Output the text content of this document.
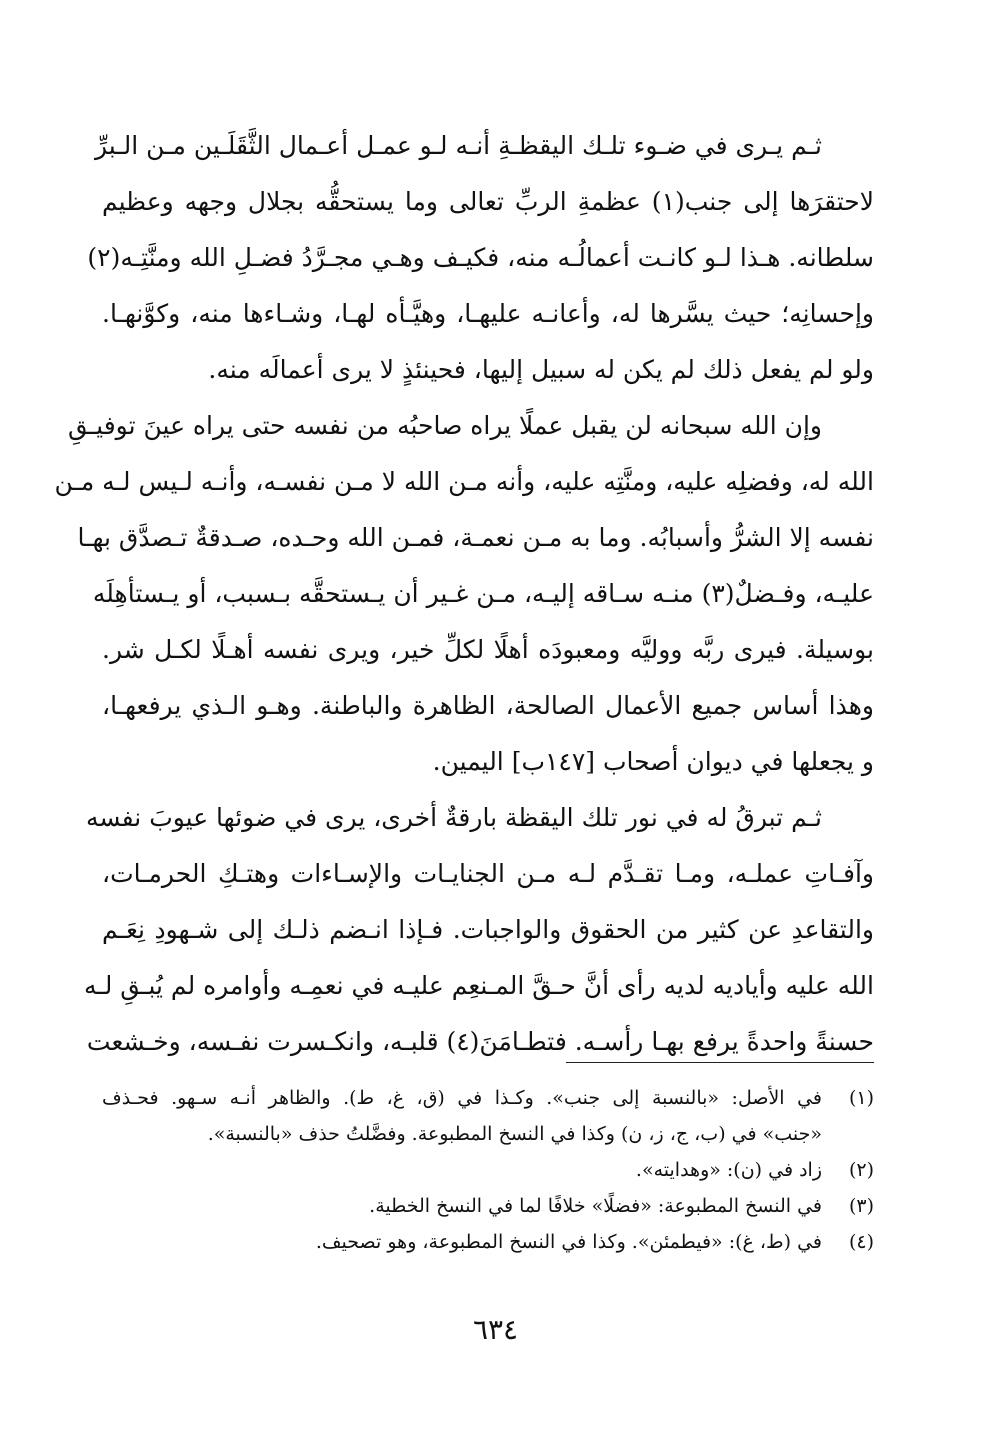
ثـم يـرى في ضـوء تلـك اليقظـةِ أنـه لـو عمـل أعـمال الثَّقَلَـين مـن الـبرِّ
لاحتقرَها إلى جنب(١) عظمةِ الربِّ تعالى وما يستحقُّه بجلال وجهه وعظيم
سلطانه. هـذا لـو كانـت أعمالُـه منه، فكيـف وهـي مجـرَّدُ فضـلِ الله ومنَّتِـه(٢)
وإحسانِه؛ حيث يسَّرها له، وأعانـه عليهـا، وهيَّـأه لهـا، وشـاءها منه، وكوَّنهـا.
ولو لم يفعل ذلك لم يكن له سبيل إليها، فحينئذٍ لا يرى أعمالَه منه.
وإن الله سبحانه لن يقبل عملًا يراه صاحبُه من نفسه حتى يراه عينَ توفيـقِ
الله له، وفضلِه عليه، ومنَّتِه عليه، وأنه مـن الله لا مـن نفسـه، وأنـه لـيس لـه مـن
نفسه إلا الشرُّ وأسبابُه. وما به مـن نعمـة، فمـن الله وحـده، صـدقةٌ تـصدَّق بهـا
عليـه، وفـضلٌ(٣) منـه سـاقه إليـه، مـن غـير أن يـستحقَّه بـسبب، أو يـستأهِلَه
بوسيلة. فيرى ربَّه ووليَّه ومعبودَه أهلًا لكلِّ خير، ويرى نفسه أهـلًا لكـل شر.
وهذا أساس جميع الأعمال الصالحة، الظاهرة والباطنة. وهـو الـذي يرفعهـا،
و يجعلها في ديوان أصحاب [١٤٧ب] اليمين.
ثـم تبرقُ له في نور تلك اليقظة بارقةٌ أخرى، يرى في ضوئها عيوبَ نفسه
وآفـاتِ عملـه، ومـا تقـدَّم لـه مـن الجنايـات والإسـاءات وهتـكِ الحرمـات،
والتقاعدِ عن كثير من الحقوق والواجبات. فـإذا انـضم ذلـك إلى شـهودِ نِعَـم
الله عليه وأياديه لديه رأى أنَّ حـقَّ المـنعِم عليـه في نعمِـه وأوامره لم يُبـقِ لـه
حسنةً واحدةً يرفع بهـا رأسـه. فتطـامَنَ(٤) قلبـه، وانكـسرت نفـسه، وخـشعت
(١)
في الأصل: «بالنسبة إلى جنب». وكـذا في (ق، غ، ط). والظاهر أنـه سـهو. فحـذف
«جنب» في (ب، ج، ز، ن) وكذا في النسخ المطبوعة. وفضَّلتُ حذف «بالنسبة».
(٢)
زاد في (ن): «وهدايته».
(٣)
في النسخ المطبوعة: «فضلًا» خلافًا لما في النسخ الخطية.
(٤)
في (ط، غ): «فيطمئن». وكذا في النسخ المطبوعة، وهو تصحيف.
٦٣٤
